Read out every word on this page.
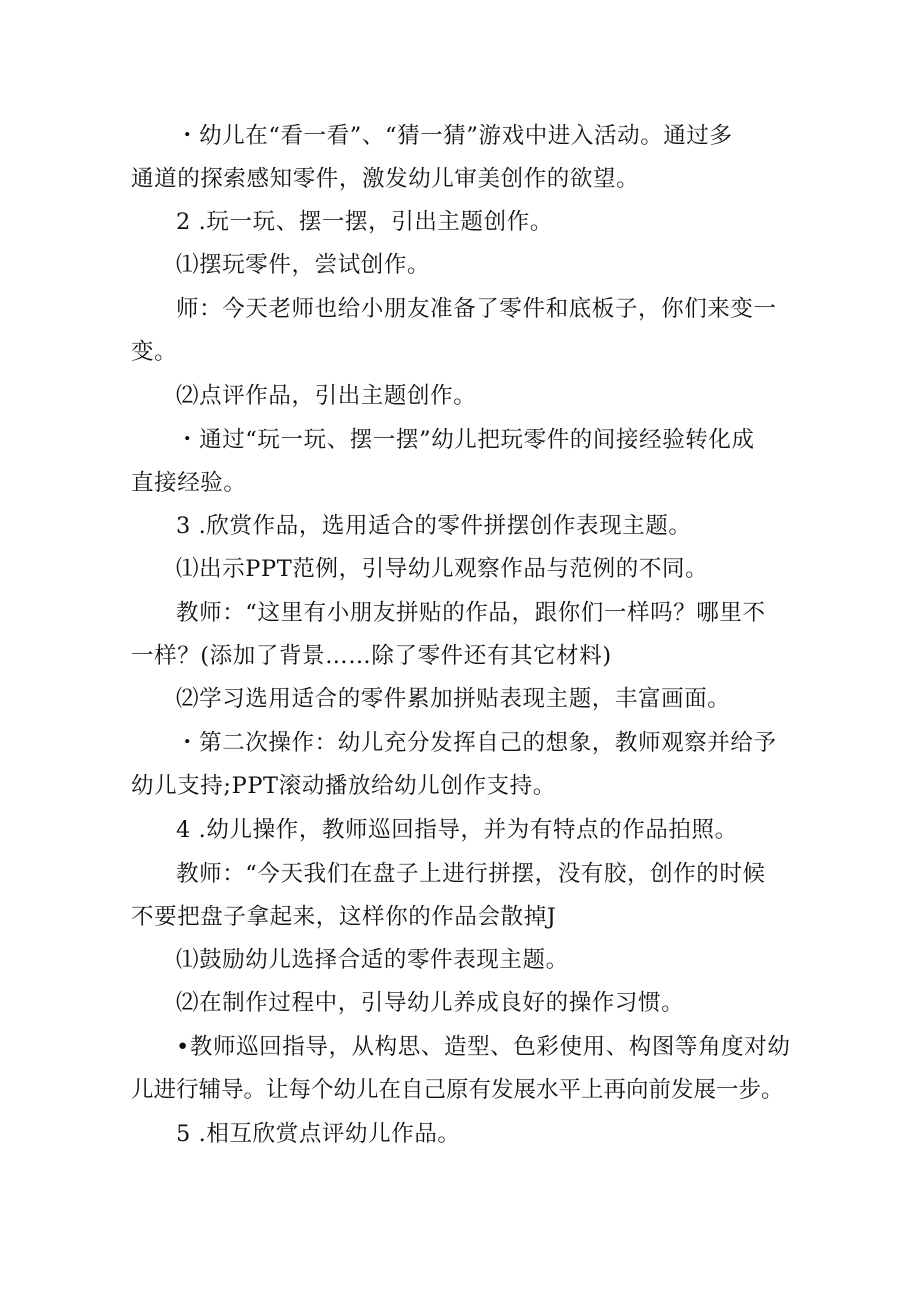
・幼儿在“看一看”、“猜一猜”游戏中进入活动。通过多
通道的探索感知零件，激发幼儿审美创作的欲望。

2 .玩一玩、摆一摆，引出主题创作。

⑴摆玩零件，尝试创作。

师：今天老师也给小朋友准备了零件和底板子，你们来变一
变。

⑵点评作品，引出主题创作。

・通过“玩一玩、摆一摆”幼儿把玩零件的间接经验转化成
直接经验。

3 .欣赏作品，选用适合的零件拼摆创作表现主题。

⑴出示PPT范例，引导幼儿观察作品与范例的不同。

教师：“这里有小朋友拼贴的作品，跟你们一样吗？哪里不
一样？(添加了背景……除了零件还有其它材料)

⑵学习选用适合的零件累加拼贴表现主题，丰富画面。

・第二次操作：幼儿充分发挥自己的想象，教师观察并给予
幼儿支持;PPT滚动播放给幼儿创作支持。

4 .幼儿操作，教师巡回指导，并为有特点的作品拍照。

教师：“今天我们在盘子上进行拼摆，没有胶，创作的时候
不要把盘子拿起来，这样你的作品会散掉J

⑴鼓励幼儿选择合适的零件表现主题。

⑵在制作过程中，引导幼儿养成良好的操作习惯。

•教师巡回指导，从构思、造型、色彩使用、构图等角度对幼
儿进行辅导。让每个幼儿在自己原有发展水平上再向前发展一步。

5 .相互欣赏点评幼儿作品。
